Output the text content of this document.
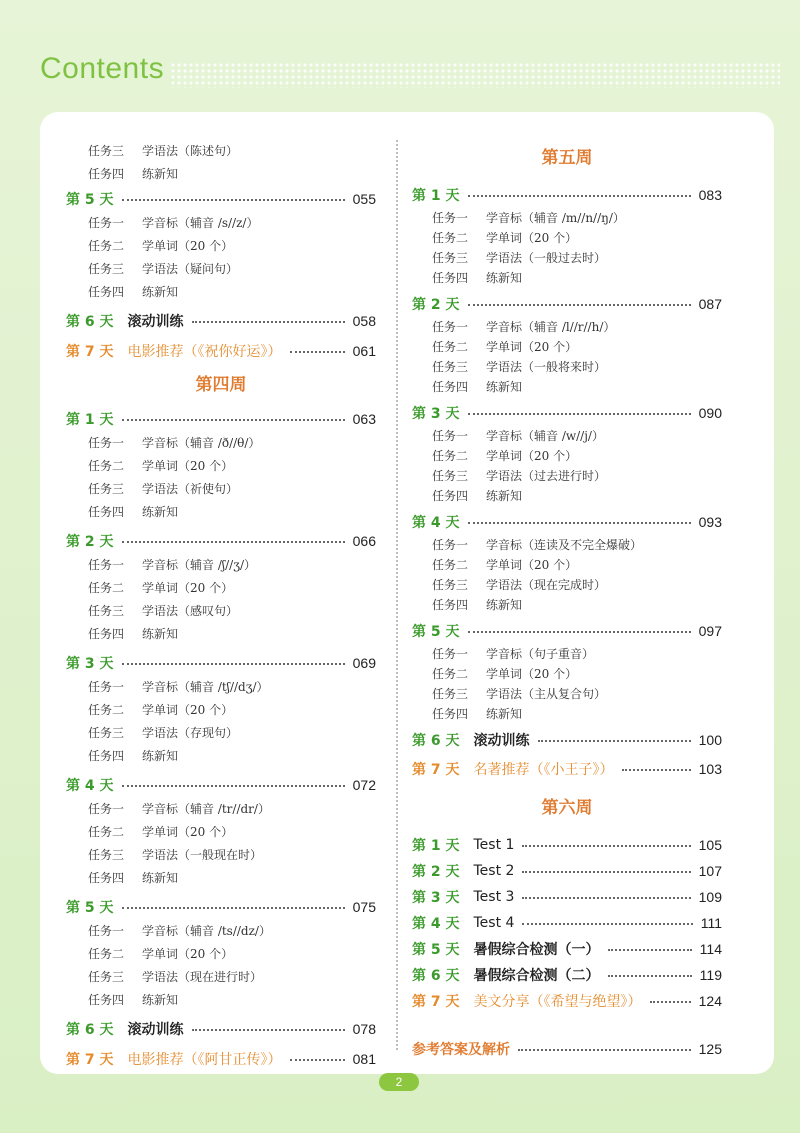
Contents
任务三 学语法（陈述句）
任务四 练新知
第 5 天	055
任务一 学音标（辅音 /s//z/）
任务二 学单词（20 个）
任务三 学语法（疑问句）
任务四 练新知
第 6 天 滚动训练	058
第 7 天 电影推荐（《祝你好运》）	061
第四周
第 1 天	063
任务一 学音标（辅音 /ð//θ/）
任务二 学单词（20 个）
任务三 学语法（祈使句）
任务四 练新知
第 2 天	066
任务一 学音标（辅音 /ʃ//ʒ/）
任务二 学单词（20 个）
任务三 学语法（感叹句）
任务四 练新知
第 3 天	069
任务一 学音标（辅音 /tʃ//dʒ/）
任务二 学单词（20 个）
任务三 学语法（存现句）
任务四 练新知
第 4 天	072
任务一 学音标（辅音 /tr//dr/）
任务二 学单词（20 个）
任务三 学语法（一般现在时）
任务四 练新知
第 5 天	075
任务一 学音标（辅音 /ts//dz/）
任务二 学单词（20 个）
任务三 学语法（现在进行时）
任务四 练新知
第 6 天 滚动训练	078
第 7 天 电影推荐（《阿甘正传》）	081
第五周
第 1 天	083
任务一 学音标（辅音 /m//n//ŋ/）
任务二 学单词（20 个）
任务三 学语法（一般过去时）
任务四 练新知
第 2 天	087
任务一 学音标（辅音 /l//r//h/）
任务二 学单词（20 个）
任务三 学语法（一般将来时）
任务四 练新知
第 3 天	090
任务一 学音标（辅音 /w//j/）
任务二 学单词（20 个）
任务三 学语法（过去进行时）
任务四 练新知
第 4 天	093
任务一 学音标（连读及不完全爆破）
任务二 学单词（20 个）
任务三 学语法（现在完成时）
任务四 练新知
第 5 天	097
任务一 学音标（句子重音）
任务二 学单词（20 个）
任务三 学语法（主从复合句）
任务四 练新知
第 6 天 滚动训练	100
第 7 天 名著推荐（《小王子》）	103
第六周
第 1 天 Test 1	105
第 2 天 Test 2	107
第 3 天 Test 3	109
第 4 天 Test 4	111
第 5 天 暑假综合检测（一）	114
第 6 天 暑假综合检测（二）	119
第 7 天 美文分享（《希望与绝望》）	124
参考答案及解析	125
2
